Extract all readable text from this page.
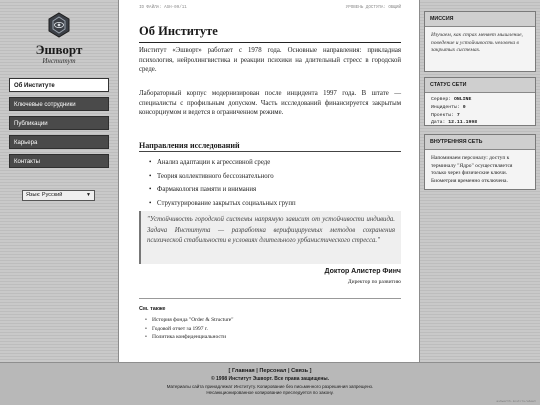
Эшворт
Институт
Об Институте
Ключевые сотрудники
Публикации
Карьера
Контакты
Язык: Русский	▼
ID ФАЙЛА: ASH-09/11	УРОВЕНЬ ДОСТУПА: ОБЩИЙ
Об Институте

Институт «Эшворт» работает с 1978 года. Основные направления: прикладная психология, нейролингвистика и реакции психики на длительный стресс в городской среде.

Лабораторный корпус модернизирован после инцидента 1997 года. В штате — специалисты с профильным допуском. Часть исследований финансируется закрытым консорциумом и ведется в ограниченном режиме.

Направления исследований
• Анализ адаптации к агрессивной среде
• Теория коллективного бессознательного
• Фармакология памяти и внимания
• Структурирование закрытых социальных групп
"Устойчивость городской системы напрямую зависит от устойчивости индивида. Задача Института — разработка верифицируемых методов сохранения психической стабильности в условиях длительного урбанистического стресса."
Доктор Алистер Финч
Директор по развитию
См. также
• История фонда "Order & Structure"
• Годовой отчет за 1997 г.
• Политика конфиденциальности
МИССИЯ
Изучаем, как страх меняет мышление, поведение и устойчивость человека в закрытых системах.
СТАТУС СЕТИ
Сервер: ONLINE
Инциденты: 0
Проекты: 7
Дата: 12.11.1998
ВНУТРЕННЯЯ СЕТЬ
Напоминаем персоналу: доступ к терминалу "Ядро" осуществляется только через физические ключи. Биометрия временно отключена.
[ Главная | Персонал | Связь ]
© 1998 Институт Эшворт. Все права защищены.
Материалы сайта принадлежат Институту. Копирование без письменного разрешения запрещено.
Несанкционированное копирование преследуется по закону.
ashworth.inst/ru/about
